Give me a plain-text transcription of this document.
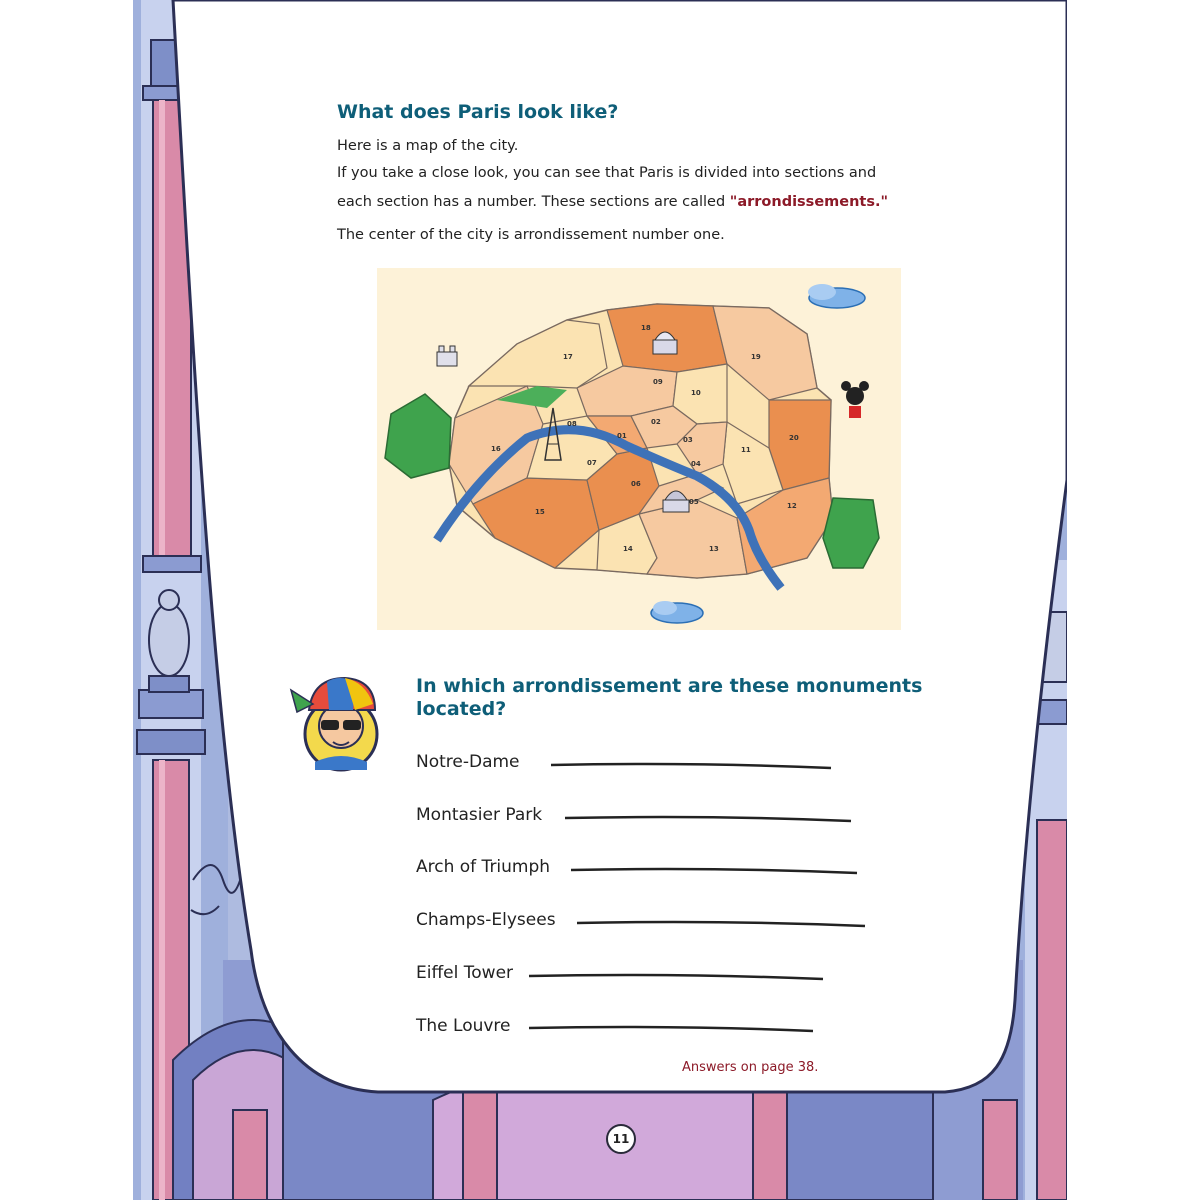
What does Paris look like?

Here is a map of the city.

If you take a close look, you can see that Paris is divided into sections and

each section has a number. These sections are called "arrondissements."

The center of the city is arrondissement number one.

01
02
03
04
05
06
07
08
09
10
11
12
13
14
15
16
17
18
19
20
In which arrondissement are these monuments located?
Notre-Dame
Montasier Park
Arch of Triumph
Champs-Elysees
Eiffel Tower
The Louvre
Answers on page 38.
11
